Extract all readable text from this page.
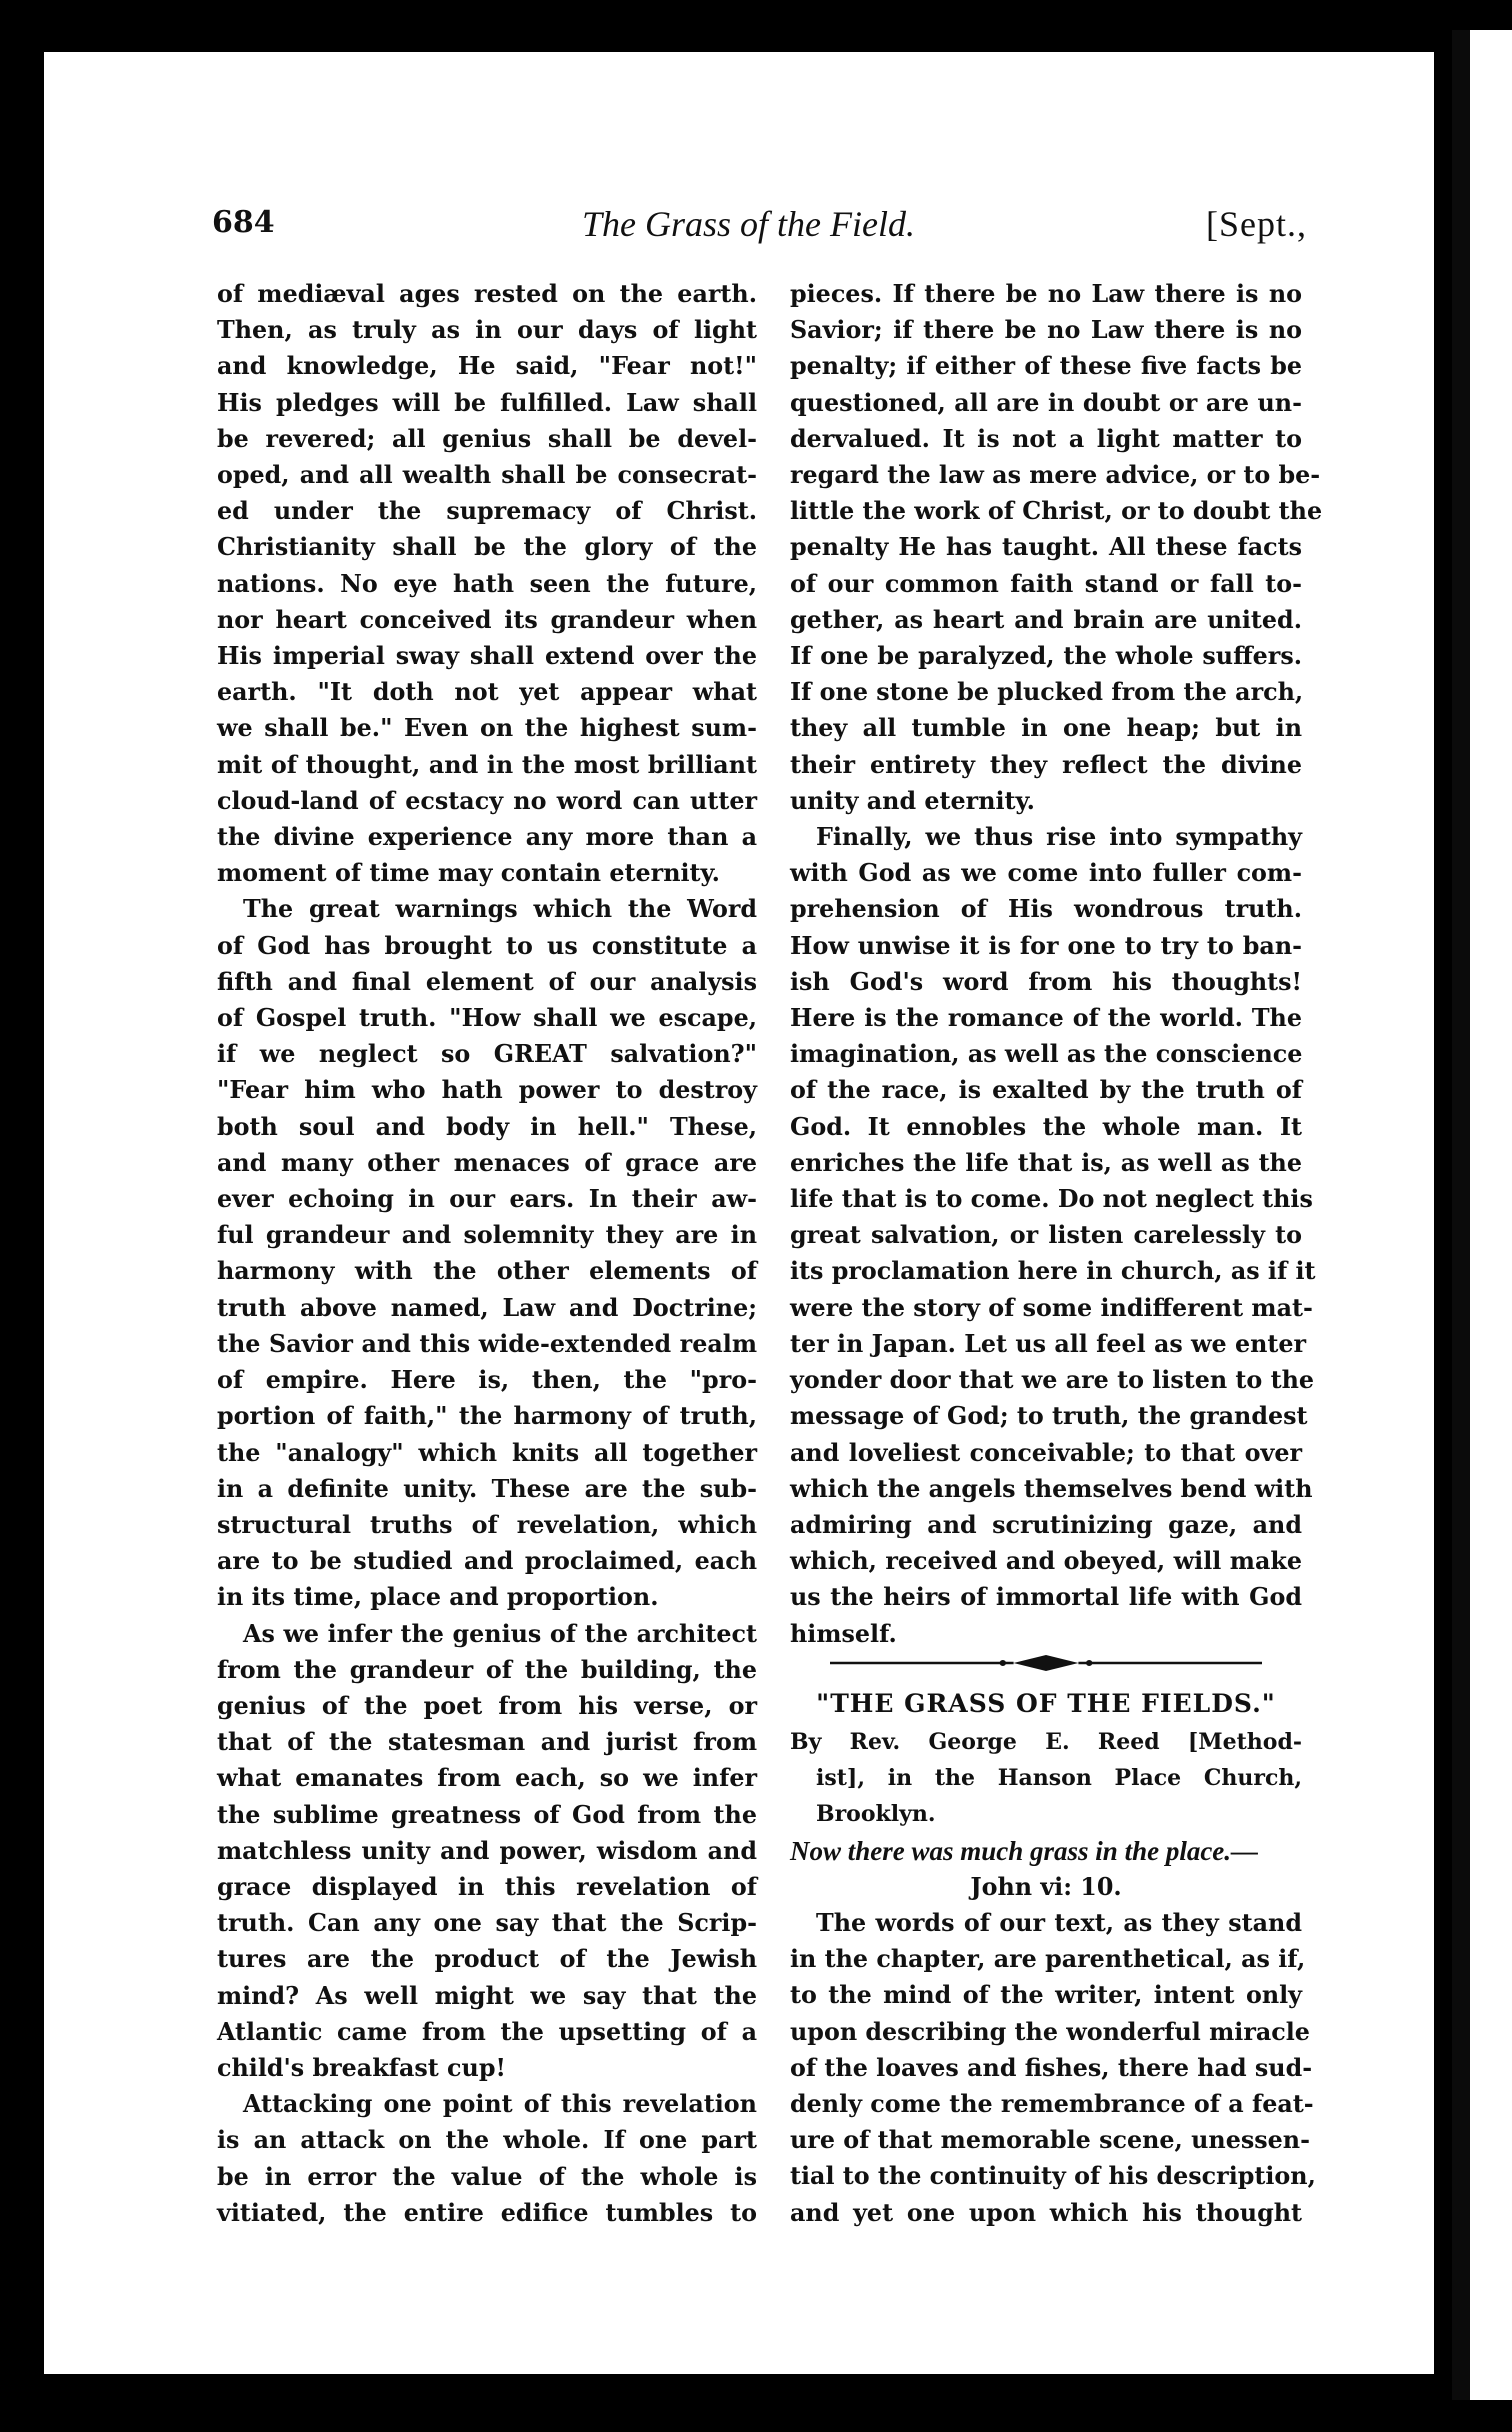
684	The Grass of the Field.	[Sept.,
of mediæval ages rested on the earth.
Then, as truly as in our days of light
and knowledge, He said, "Fear not!"
His pledges will be fulfilled. Law shall
be revered; all genius shall be devel-
oped, and all wealth shall be consecrat-
ed under the supremacy of Christ.
Christianity shall be the glory of the
nations. No eye hath seen the future,
nor heart conceived its grandeur when
His imperial sway shall extend over the
earth. "It doth not yet appear what
we shall be." Even on the highest sum-
mit of thought, and in the most brilliant
cloud-land of ecstacy no word can utter
the divine experience any more than a
moment of time may contain eternity.
The great warnings which the Word
of God has brought to us constitute a
fifth and final element of our analysis
of Gospel truth. "How shall we escape,
if we neglect so GREAT salvation?"
"Fear him who hath power to destroy
both soul and body in hell." These,
and many other menaces of grace are
ever echoing in our ears. In their aw-
ful grandeur and solemnity they are in
harmony with the other elements of
truth above named, Law and Doctrine;
the Savior and this wide-extended realm
of empire. Here is, then, the "pro-
portion of faith," the harmony of truth,
the "analogy" which knits all together
in a definite unity. These are the sub-
structural truths of revelation, which
are to be studied and proclaimed, each
in its time, place and proportion.
As we infer the genius of the architect
from the grandeur of the building, the
genius of the poet from his verse, or
that of the statesman and jurist from
what emanates from each, so we infer
the sublime greatness of God from the
matchless unity and power, wisdom and
grace displayed in this revelation of
truth. Can any one say that the Scrip-
tures are the product of the Jewish
mind? As well might we say that the
Atlantic came from the upsetting of a
child's breakfast cup!
Attacking one point of this revelation
is an attack on the whole. If one part
be in error the value of the whole is
vitiated, the entire edifice tumbles to
pieces. If there be no Law there is no
Savior; if there be no Law there is no
penalty; if either of these five facts be
questioned, all are in doubt or are un-
dervalued. It is not a light matter to
regard the law as mere advice, or to be-
little the work of Christ, or to doubt the
penalty He has taught. All these facts
of our common faith stand or fall to-
gether, as heart and brain are united.
If one be paralyzed, the whole suffers.
If one stone be plucked from the arch,
they all tumble in one heap; but in
their entirety they reflect the divine
unity and eternity.
Finally, we thus rise into sympathy
with God as we come into fuller com-
prehension of His wondrous truth.
How unwise it is for one to try to ban-
ish God's word from his thoughts!
Here is the romance of the world. The
imagination, as well as the conscience
of the race, is exalted by the truth of
God. It ennobles the whole man. It
enriches the life that is, as well as the
life that is to come. Do not neglect this
great salvation, or listen carelessly to
its proclamation here in church, as if it
were the story of some indifferent mat-
ter in Japan. Let us all feel as we enter
yonder door that we are to listen to the
message of God; to truth, the grandest
and loveliest conceivable; to that over
which the angels themselves bend with
admiring and scrutinizing gaze, and
which, received and obeyed, will make
us the heirs of immortal life with God
himself.
"THE GRASS OF THE FIELDS."
By Rev. George E. Reed [Method-
ist], in the Hanson Place Church,
Brooklyn.
Now there was much grass in the place.—
John vi: 10.
The words of our text, as they stand
in the chapter, are parenthetical, as if,
to the mind of the writer, intent only
upon describing the wonderful miracle
of the loaves and fishes, there had sud-
denly come the remembrance of a feat-
ure of that memorable scene, unessen-
tial to the continuity of his description,
and yet one upon which his thought
